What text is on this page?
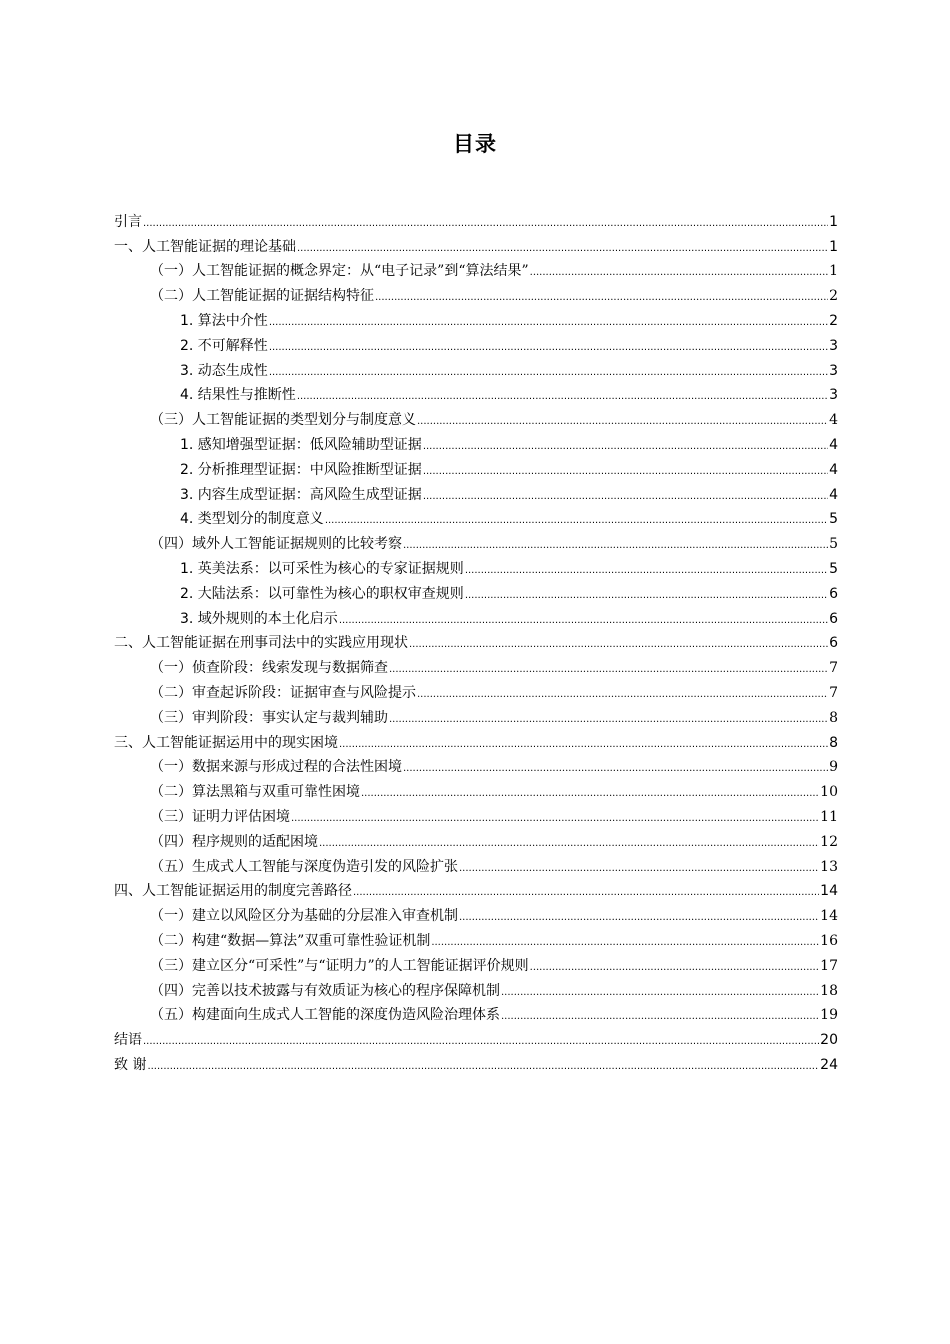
目录
引言 .....	1
一、人工智能证据的理论基础 .....	1
（一）人工智能证据的概念界定：从“电子记录”到“算法结果” .....	1
（二）人工智能证据的证据结构特征 .....	2
1. 算法中介性 .....	2
2. 不可解释性 .....	3
3. 动态生成性 .....	3
4. 结果性与推断性 .....	3
（三）人工智能证据的类型划分与制度意义 .....	4
1. 感知增强型证据：低风险辅助型证据 .....	4
2. 分析推理型证据：中风险推断型证据 .....	4
3. 内容生成型证据：高风险生成型证据 .....	4
4. 类型划分的制度意义 .....	5
（四）域外人工智能证据规则的比较考察 .....	5
1. 英美法系：以可采性为核心的专家证据规则 .....	5
2. 大陆法系：以可靠性为核心的职权审查规则 .....	6
3. 域外规则的本土化启示 .....	6
二、人工智能证据在刑事司法中的实践应用现状 .....	6
（一）侦查阶段：线索发现与数据筛查 .....	7
（二）审查起诉阶段：证据审查与风险提示 .....	7
（三）审判阶段：事实认定与裁判辅助 .....	8
三、人工智能证据运用中的现实困境 .....	8
（一）数据来源与形成过程的合法性困境 .....	9
（二）算法黑箱与双重可靠性困境 .....	10
（三）证明力评估困境 .....	11
（四）程序规则的适配困境 .....	12
（五）生成式人工智能与深度伪造引发的风险扩张 .....	13
四、人工智能证据运用的制度完善路径 .....	14
（一）建立以风险区分为基础的分层准入审查机制 .....	14
（二）构建“数据—算法”双重可靠性验证机制 .....	16
（三）建立区分“可采性”与“证明力”的人工智能证据评价规则 .....	17
（四）完善以技术披露与有效质证为核心的程序保障机制 .....	18
（五）构建面向生成式人工智能的深度伪造风险治理体系 .....	19
结语 .....	20
致 谢 .....	24
